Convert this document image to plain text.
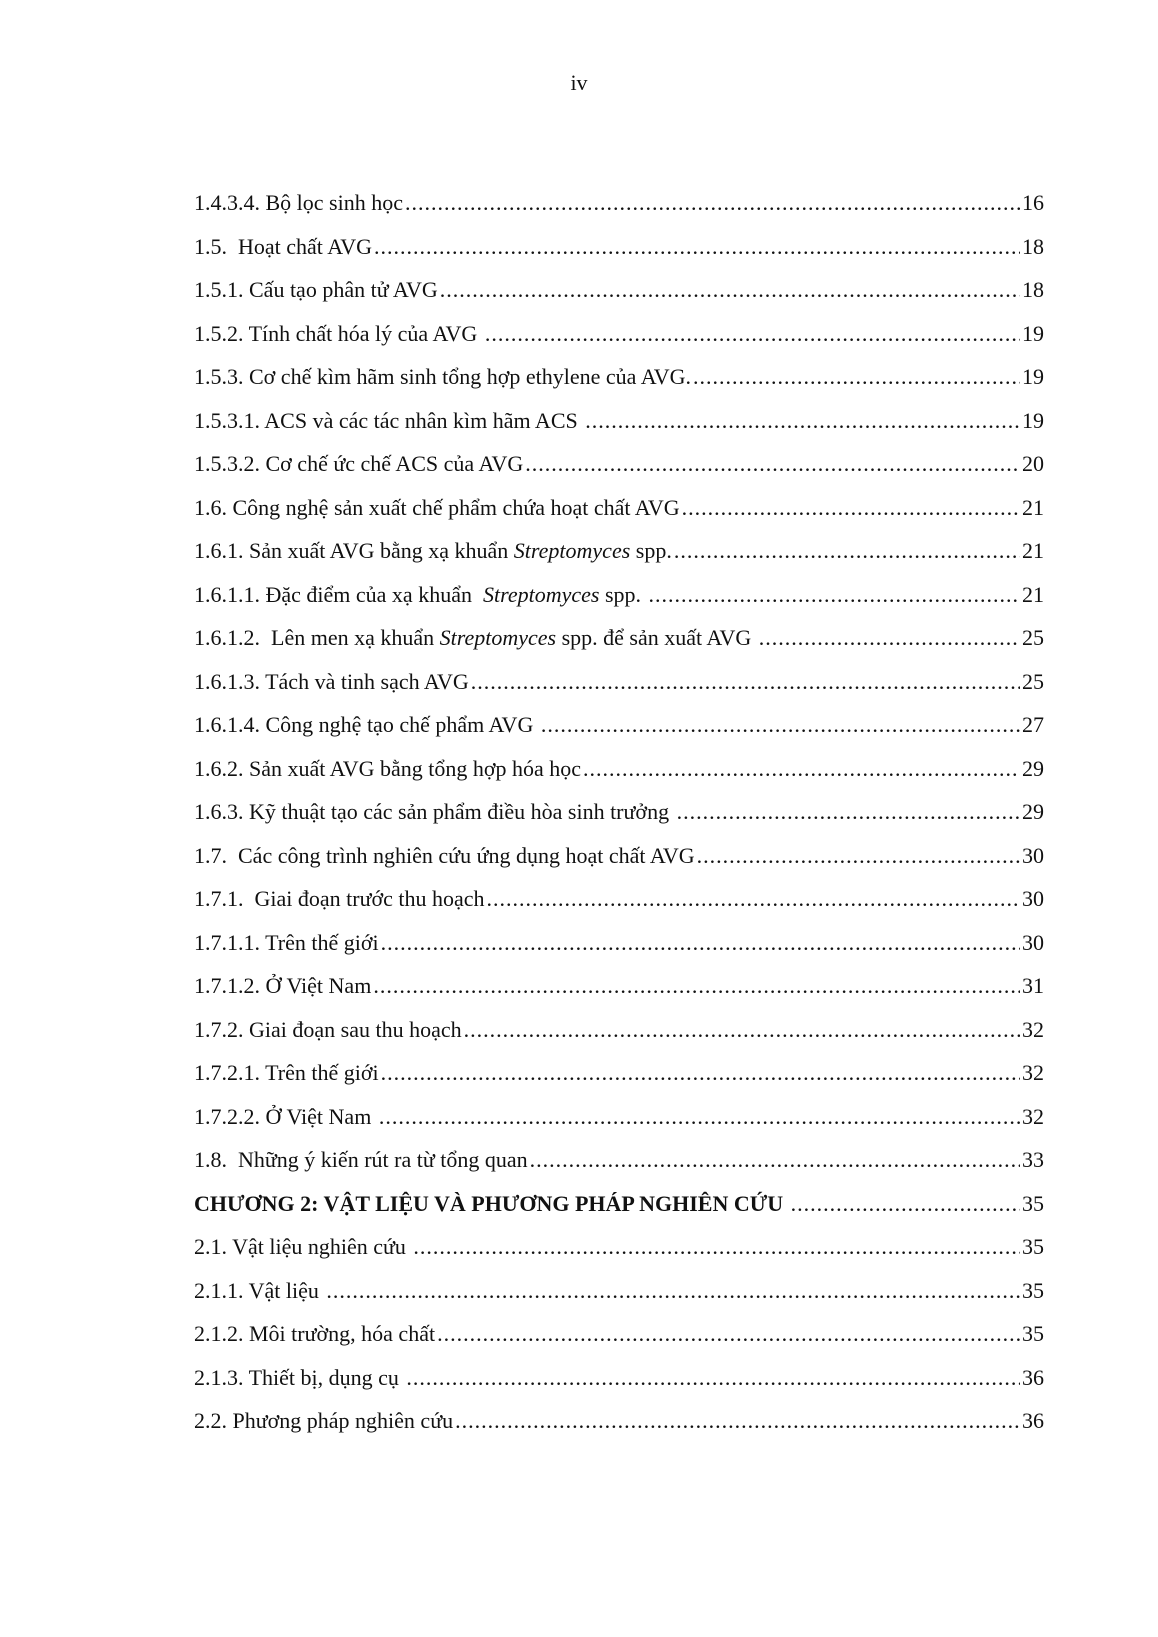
iv
1.4.3.4. Bộ lọc sinh học .....	16
1.5.  Hoạt chất AVG .....	18
1.5.1. Cấu tạo phân tử AVG .....	18
1.5.2. Tính chất hóa lý của AVG .....	19
1.5.3. Cơ chế kìm hãm sinh tổng hợp ethylene của AVG. .....	19
1.5.3.1. ACS và các tác nhân kìm hãm ACS .....	19
1.5.3.2. Cơ chế ức chế ACS của AVG .....	20
1.6. Công nghệ sản xuất chế phẩm chứa hoạt chất AVG .....	21
1.6.1. Sản xuất AVG bằng xạ khuẩn Streptomyces spp. .....	21
1.6.1.1. Đặc điểm của xạ khuẩn  Streptomyces spp. .....	21
1.6.1.2.  Lên men xạ khuẩn Streptomyces spp. để sản xuất AVG .....	25
1.6.1.3. Tách và tinh sạch AVG .....	25
1.6.1.4. Công nghệ tạo chế phẩm AVG .....	27
1.6.2. Sản xuất AVG bằng tổng hợp hóa học .....	29
1.6.3. Kỹ thuật tạo các sản phẩm điều hòa sinh trưởng .....	29
1.7.  Các công trình nghiên cứu ứng dụng hoạt chất AVG .....	30
1.7.1.  Giai đoạn trước thu hoạch .....	30
1.7.1.1. Trên thế giới .....	30
1.7.1.2. Ở Việt Nam .....	31
1.7.2. Giai đoạn sau thu hoạch .....	32
1.7.2.1. Trên thế giới .....	32
1.7.2.2. Ở Việt Nam .....	32
1.8.  Những ý kiến rút ra từ tổng quan .....	33
CHƯƠNG 2: VẬT LIỆU VÀ PHƯƠNG PHÁP NGHIÊN CỨU .....	35
2.1. Vật liệu nghiên cứu .....	35
2.1.1. Vật liệu .....	35
2.1.2. Môi trường, hóa chất .....	35
2.1.3. Thiết bị, dụng cụ .....	36
2.2. Phương pháp nghiên cứu .....	36
